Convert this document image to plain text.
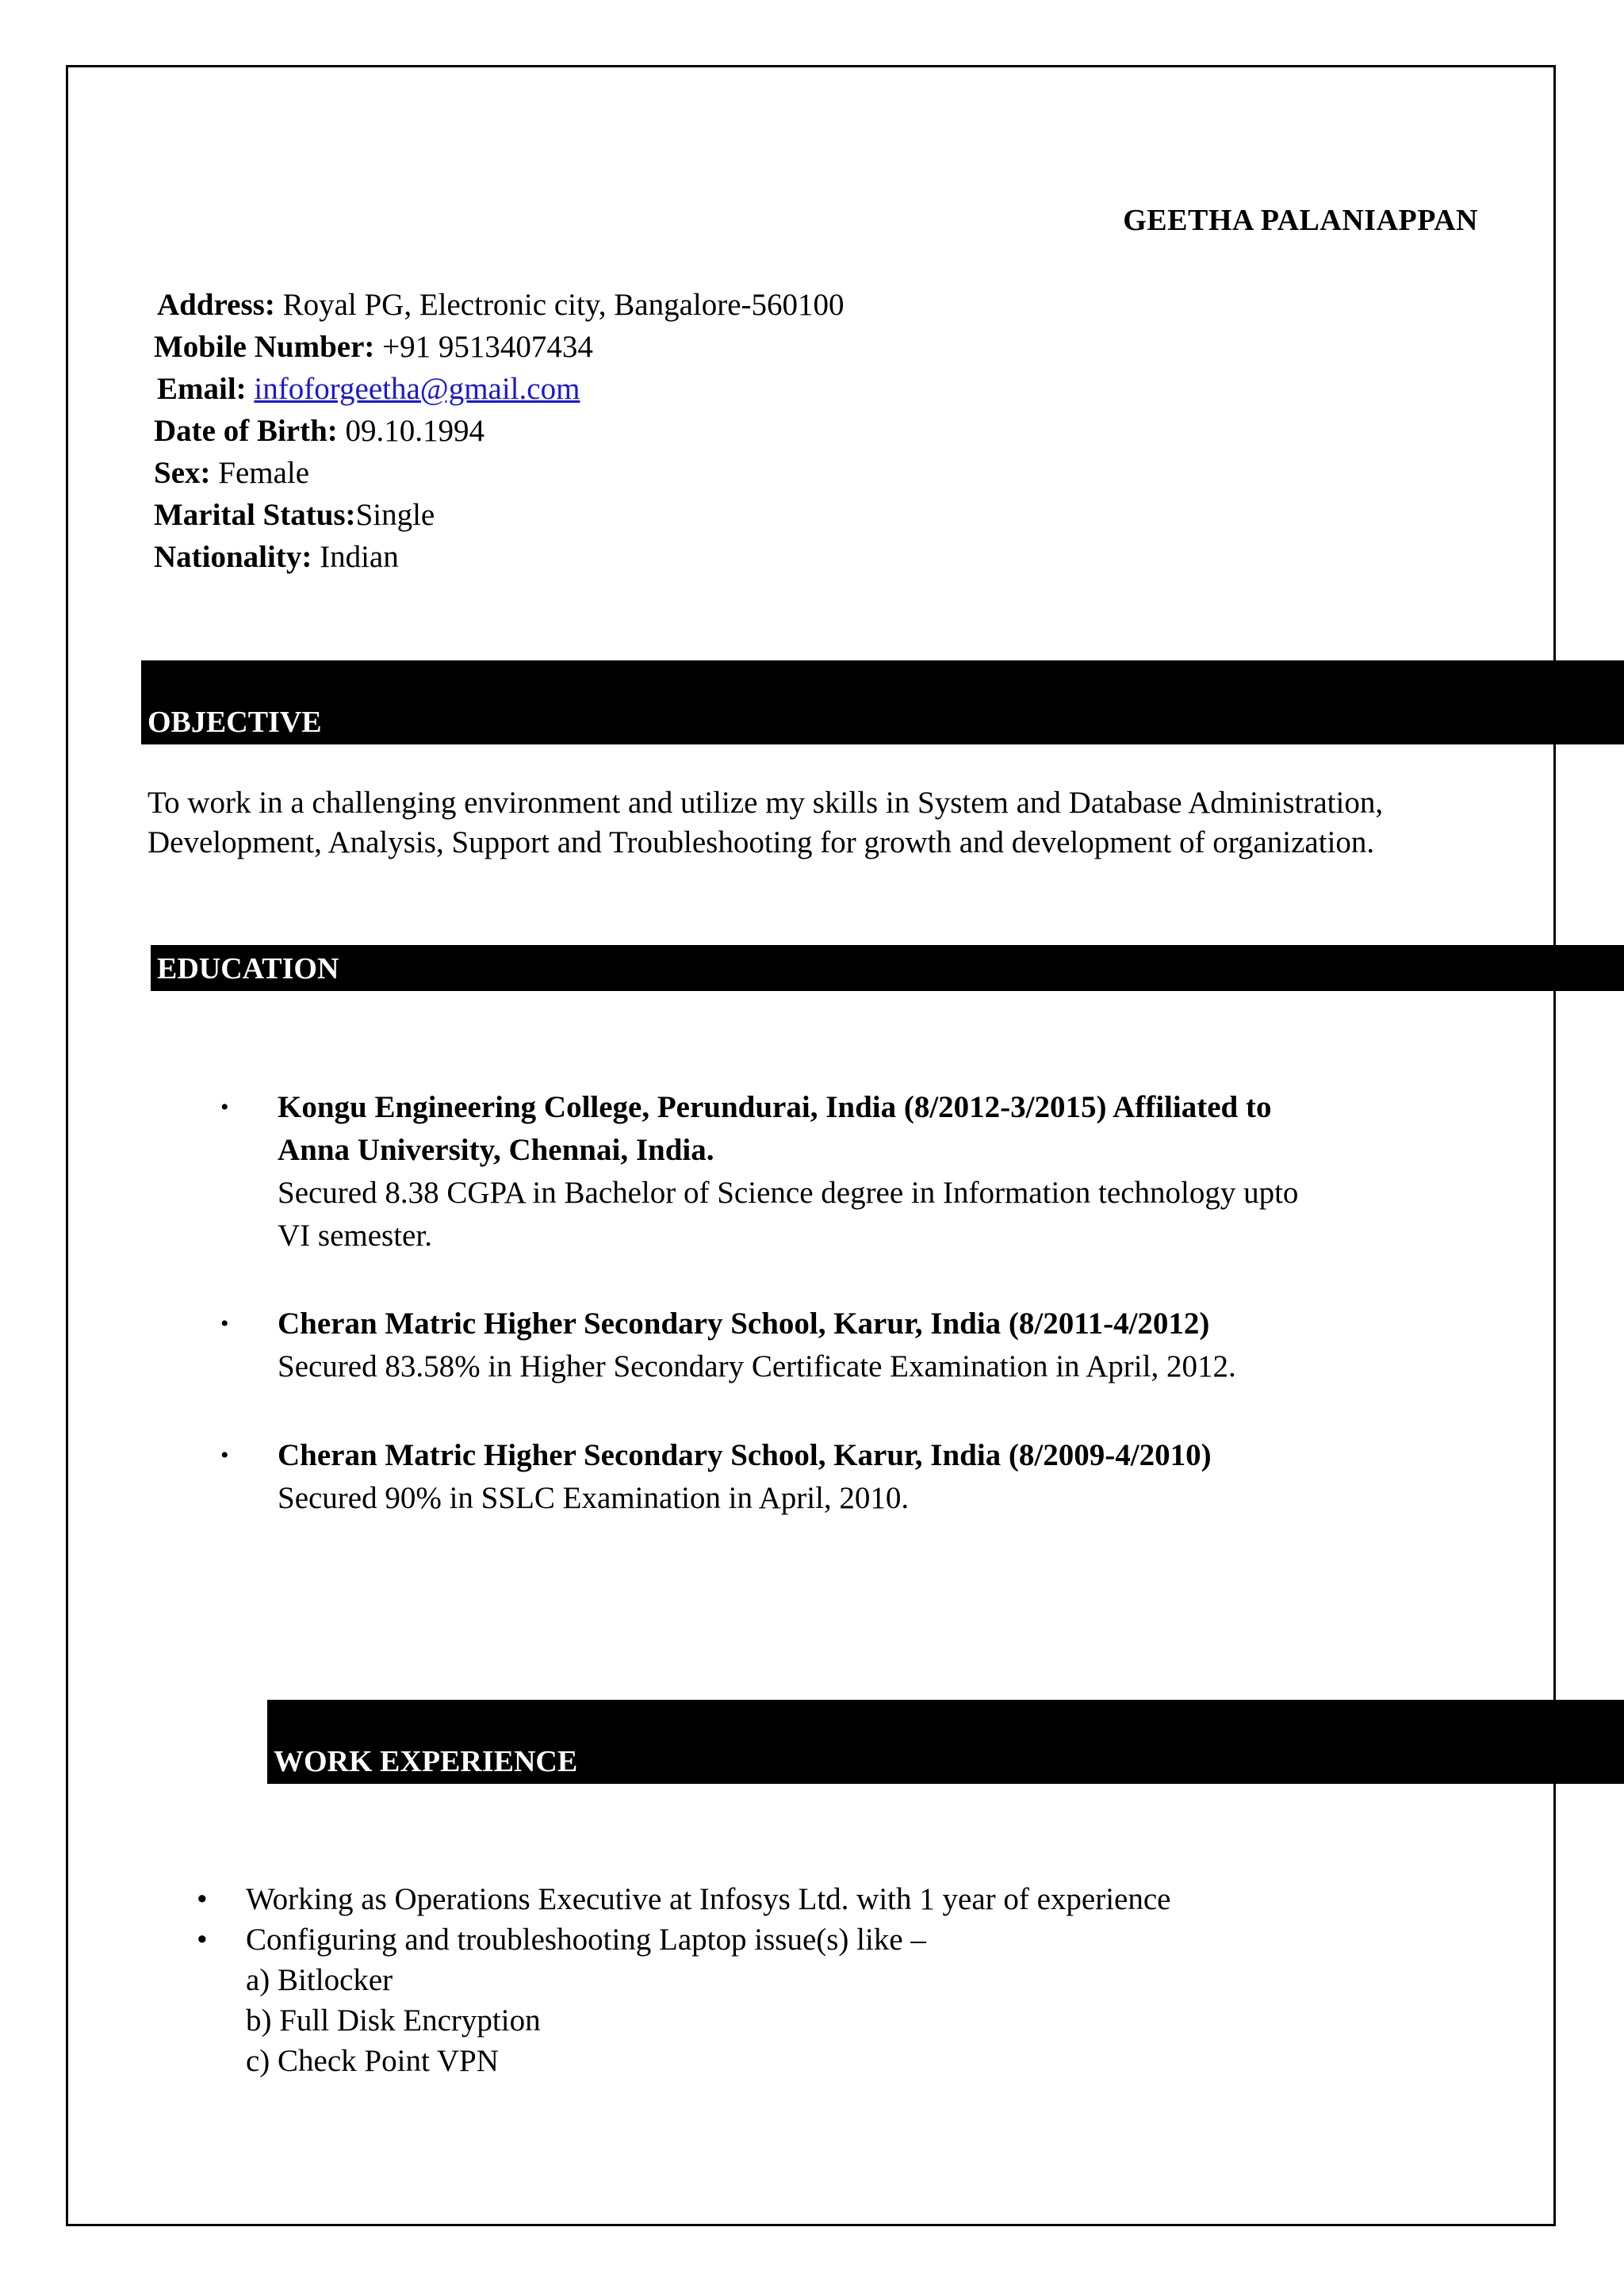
GEETHA PALANIAPPAN
Address: Royal PG, Electronic city, Bangalore-560100
Mobile Number: +91 9513407434
Email: infoforgeetha@gmail.com
Date of Birth: 09.10.1994
Sex: Female
Marital Status:Single
Nationality: Indian
OBJECTIVE
To work in a challenging environment and utilize my skills in System and Database Administration,
Development, Analysis, Support and Troubleshooting for growth and development of organization.
EDUCATION
• Kongu Engineering College, Perundurai, India (8/2012-3/2015) Affiliated to Anna University, Chennai, India.
Secured 8.38 CGPA in Bachelor of Science degree in Information technology upto VI semester.
• Cheran Matric Higher Secondary School, Karur, India (8/2011-4/2012)
Secured 83.58% in Higher Secondary Certificate Examination in April, 2012.
• Cheran Matric Higher Secondary School, Karur, India (8/2009-4/2010)
Secured 90% in SSLC Examination in April, 2010.
WORK EXPERIENCE
• Working as Operations Executive at Infosys Ltd. with 1 year of experience
• Configuring and troubleshooting Laptop issue(s) like –
a) Bitlocker
b) Full Disk Encryption
c) Check Point VPN
